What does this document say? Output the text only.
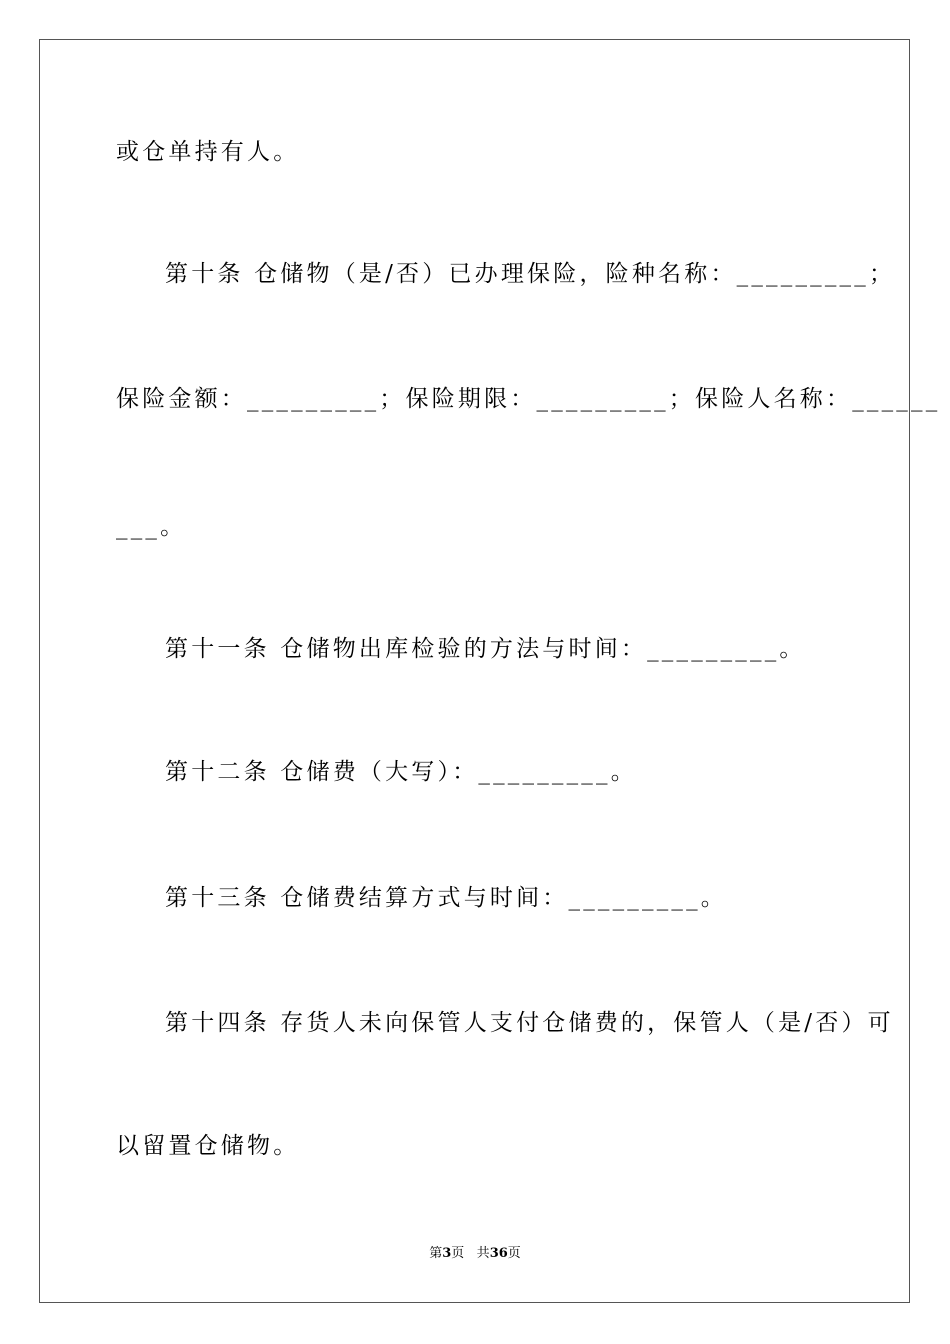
或仓单持有人。
第十条 仓储物（是/否）已办理保险，险种名称：_________；
保险金额：_________；保险期限：_________；保险人名称：______
___。
第十一条 仓储物出库检验的方法与时间：_________。
第十二条 仓储费（大写）：_________。
第十三条 仓储费结算方式与时间：_________。
第十四条 存货人未向保管人支付仓储费的，保管人（是/否）可
以留置仓储物。
第3页 共36页
